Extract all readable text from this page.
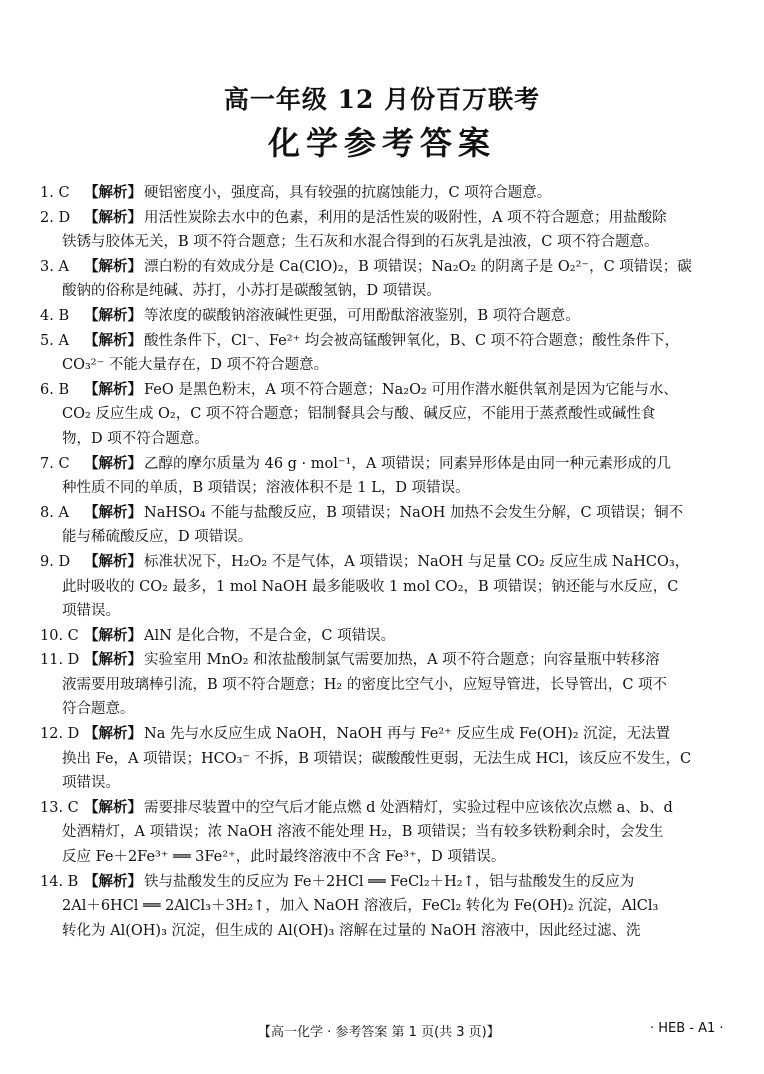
高一年级 12 月份百万联考
化学参考答案

1. C 【解析】 硬铝密度小，强度高，具有较强的抗腐蚀能力，C 项符合题意。

2. D 【解析】 用活性炭除去水中的色素，利用的是活性炭的吸附性，A 项不符合题意；用盐酸除
铁锈与胶体无关，B 项不符合题意；生石灰和水混合得到的石灰乳是浊液，C 项不符合题意。

3. A 【解析】 漂白粉的有效成分是 Ca(ClO)₂，B 项错误；Na₂O₂ 的阴离子是 O₂²⁻，C 项错误；碳
酸钠的俗称是纯碱、苏打，小苏打是碳酸氢钠，D 项错误。

4. B 【解析】 等浓度的碳酸钠溶液碱性更强，可用酚酞溶液鉴别，B 项符合题意。

5. A 【解析】 酸性条件下，Cl⁻、Fe²⁺ 均会被高锰酸钾氧化，B、C 项不符合题意；酸性条件下，
CO₃²⁻ 不能大量存在，D 项不符合题意。

6. B 【解析】 FeO 是黑色粉末，A 项不符合题意；Na₂O₂ 可用作潜水艇供氧剂是因为它能与水、
CO₂ 反应生成 O₂，C 项不符合题意；铝制餐具会与酸、碱反应，不能用于蒸煮酸性或碱性食
物，D 项不符合题意。

7. C 【解析】 乙醇的摩尔质量为 46 g · mol⁻¹，A 项错误；同素异形体是由同一种元素形成的几
种性质不同的单质，B 项错误；溶液体积不是 1 L，D 项错误。

8. A 【解析】 NaHSO₄ 不能与盐酸反应，B 项错误；NaOH 加热不会发生分解，C 项错误；铜不
能与稀硫酸反应，D 项错误。

9. D 【解析】 标准状况下，H₂O₂ 不是气体，A 项错误；NaOH 与足量 CO₂ 反应生成 NaHCO₃，
此时吸收的 CO₂ 最多，1 mol NaOH 最多能吸收 1 mol CO₂，B 项错误；钠还能与水反应，C
项错误。

10. C 【解析】 AlN 是化合物，不是合金，C 项错误。

11. D 【解析】 实验室用 MnO₂ 和浓盐酸制氯气需要加热，A 项不符合题意；向容量瓶中转移溶
液需要用玻璃棒引流，B 项不符合题意；H₂ 的密度比空气小，应短导管进，长导管出，C 项不
符合题意。

12. D 【解析】 Na 先与水反应生成 NaOH，NaOH 再与 Fe²⁺ 反应生成 Fe(OH)₂ 沉淀，无法置
换出 Fe，A 项错误；HCO₃⁻ 不拆，B 项错误；碳酸酸性更弱，无法生成 HCl，该反应不发生，C
项错误。

13. C 【解析】 需要排尽装置中的空气后才能点燃 d 处酒精灯，实验过程中应该依次点燃 a、b、d
处酒精灯，A 项错误；浓 NaOH 溶液不能处理 H₂，B 项错误；当有较多铁粉剩余时，会发生
反应 Fe＋2Fe³⁺ ══ 3Fe²⁺，此时最终溶液中不含 Fe³⁺，D 项错误。

14. B 【解析】 铁与盐酸发生的反应为 Fe＋2HCl ══ FeCl₂＋H₂↑，铝与盐酸发生的反应为
2Al＋6HCl ══ 2AlCl₃＋3H₂↑，加入 NaOH 溶液后，FeCl₂ 转化为 Fe(OH)₂ 沉淀，AlCl₃
转化为 Al(OH)₃ 沉淀，但生成的 Al(OH)₃ 溶解在过量的 NaOH 溶液中，因此经过滤、洗

【高一化学 · 参考答案 第 1 页(共 3 页)】	· HEB - A1 ·
